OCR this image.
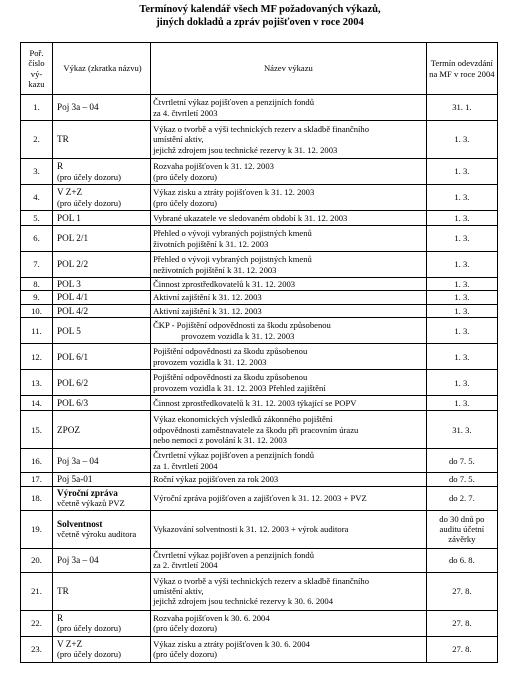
Termínový kalendář všech MF požadovaných výkazů,
jiných dokladů a zpráv pojišťoven v roce 2004
Poř. číslo vý-kazu	Výkaz (zkratka názvu)	Název výkazu	Termín odevzdání na MF v roce 2004
1.	Poj 3a – 04	Čtvrtletní výkaz pojišťoven a penzijních fondů
za 4. čtvrtletí 2003	31. 1.
2.	TR	Výkaz o tvorbě a výši technických rezerv a skladbě finančního
umístění aktiv,
jejichž zdrojem jsou technické rezervy k 31. 12. 2003	1. 3.
3.	R
(pro účely dozoru)	Rozvaha pojišťoven k 31. 12. 2003
(pro účely dozoru)	1. 3.
4.	V Z+Z
(pro účely dozoru)	Výkaz zisku a ztráty pojišťoven k 31. 12. 2003
(pro účely dozoru)	1. 3.
5.	POL 1	Vybrané ukazatele ve sledovaném období k 31. 12. 2003	1. 3.
6.	POL 2/1	Přehled o vývoji vybraných pojistných kmenů
životních pojištění k 31. 12. 2003	1. 3.
7.	POL 2/2	Přehled o vývoji vybraných pojistných kmenů
neživotních pojištění k 31. 12. 2003	1. 3.
8.	POL 3	Činnost zprostředkovatelů k 31. 12. 2003	1. 3.
9.	POL 4/1	Aktivní zajištění k 31. 12. 2003	1. 3.
10.	POL 4/2	Aktivní zajištění k 31. 12. 2003	1. 3.
11.	POL 5	ČKP - Pojištění odpovědnosti za škodu způsobenou
provozem vozidla k 31. 12. 2003	1. 3.
12.	POL 6/1	Pojištění odpovědnosti za škodu způsobenou
provozem vozidla k 31. 12. 2003	1. 3.
13.	POL 6/2	Pojištění odpovědnosti za škodu způsobenou
provozem vozidla k 31. 12. 2003 Přehled zajištění	1. 3.
14.	POL 6/3	Činnost zprostředkovatelů k 31. 12. 2003 týkající se POPV	1. 3.
15.	ZPOZ	Výkaz ekonomických výsledků zákonného pojištění
odpovědnosti zaměstnavatele za škodu při pracovním úrazu
nebo nemoci z povolání k 31. 12. 2003	31. 3.
16.	Poj 3a – 04	Čtvrtletní výkaz pojišťoven a penzijních fondů
za 1. čtvrtletí 2004	do 7. 5.
17.	Poj 5a-01	Roční výkaz pojišťoven za rok 2003	do 7. 5.
18.	Výroční zpráva
včetně výkazů PVZ	Výroční zpráva pojišťoven a zajišťoven k 31. 12. 2003 + PVZ	do 2. 7.
19.	Solventnost
včetně výroku auditora	Vykazování solventnosti k 31. 12. 2003 + výrok auditora	do 30 dnů po auditu účetní závěrky
20.	Poj 3a – 04	Čtvrtletní výkaz pojišťoven a penzijních fondů
za 2. čtvrtletí 2004	do 6. 8.
21.	TR	Výkaz o tvorbě a výši technických rezerv a skladbě finančního
umístění aktiv,
jejichž zdrojem jsou technické rezervy k 30. 6. 2004	27. 8.
22.	R
(pro účely dozoru)	Rozvaha pojišťoven k 30. 6. 2004
(pro účely dozoru)	27. 8.
23.	V Z+Z
(pro účely dozoru)	Výkaz zisku a ztráty pojišťoven k 30. 6. 2004
(pro účely dozoru)	27. 8.
